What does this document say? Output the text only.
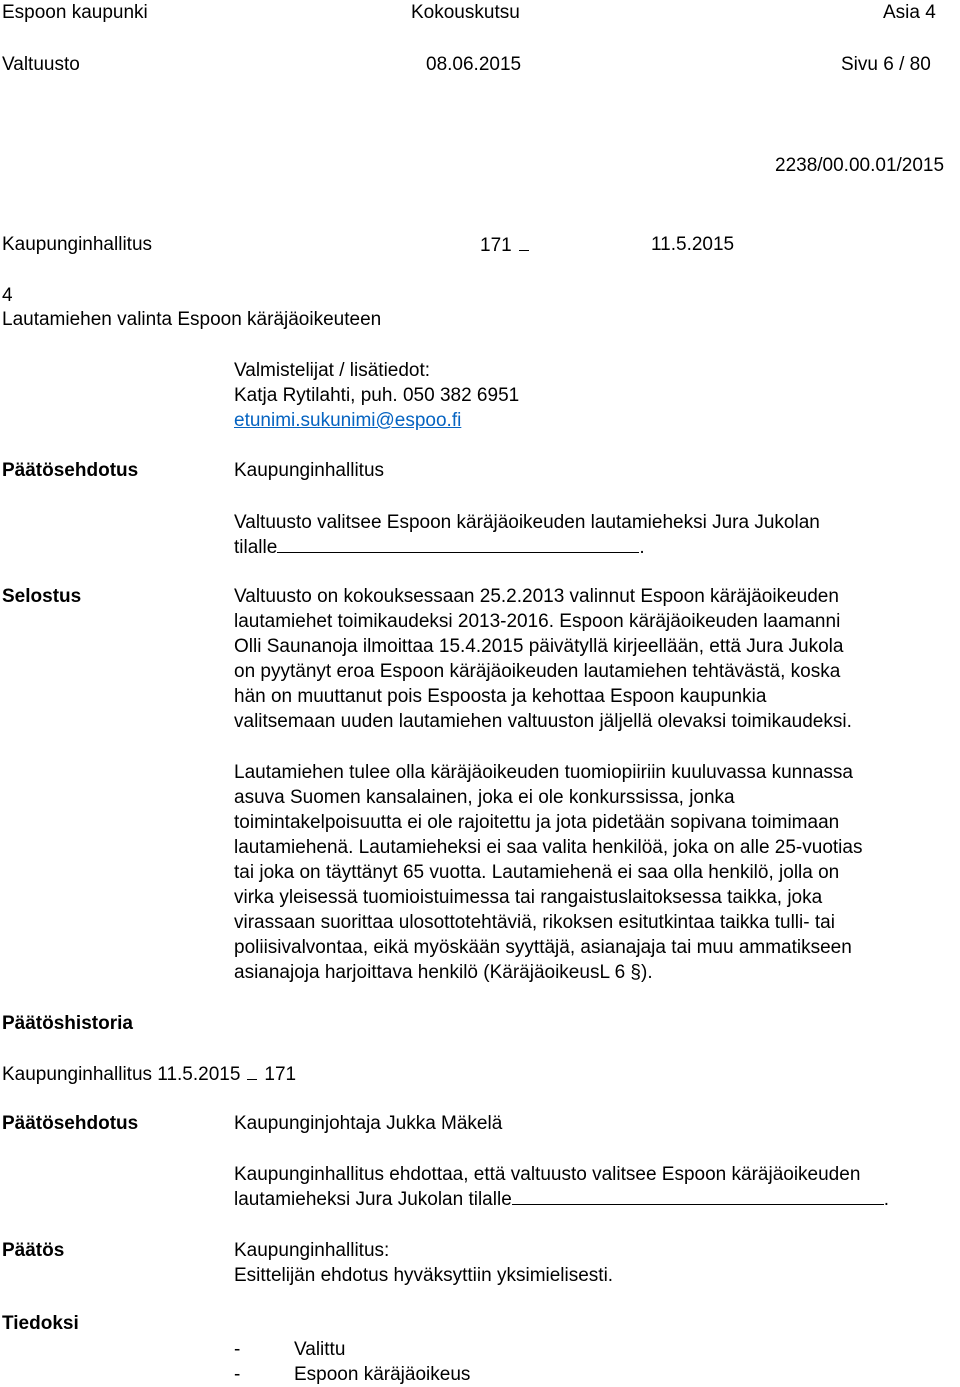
Espoon kaupunki	Kokouskutsu	Asia 4
Valtuusto	08.06.2015	Sivu 6 / 80
2238/00.00.01/2015
Kaupunginhallitus	171	11.5.2015
4
Lautamiehen valinta Espoon käräjäoikeuteen
Valmistelijat / lisätiedot:
Katja Rytilahti, puh. 050 382 6951
etunimi.sukunimi@espoo.fi
Päätösehdotus	Kaupunginhallitus
Valtuusto valitsee Espoon käräjäoikeuden lautamieheksi Jura Jukolan
tilalle	.
Selostus	Valtuusto on kokouksessaan 25.2.2013 valinnut Espoon käräjäoikeuden

lautamiehet toimikaudeksi 2013-2016. Espoon käräjäoikeuden laamanni

Olli Saunanoja ilmoittaa 15.4.2015 päivätyllä kirjeellään, että Jura Jukola

on pyytänyt eroa Espoon käräjäoikeuden lautamiehen tehtävästä, koska

hän on muuttanut pois Espoosta ja kehottaa Espoon kaupunkia

valitsemaan uuden lautamiehen valtuuston jäljellä olevaksi toimikaudeksi.

Lautamiehen tulee olla käräjäoikeuden tuomiopiiriin kuuluvassa kunnassa

asuva Suomen kansalainen, joka ei ole konkurssissa, jonka

toimintakelpoisuutta ei ole rajoitettu ja jota pidetään sopivana toimimaan

lautamiehenä. Lautamieheksi ei saa valita henkilöä, joka on alle 25-vuotias

tai joka on täyttänyt 65 vuotta. Lautamiehenä ei saa olla henkilö, jolla on

virka yleisessä tuomioistuimessa tai rangaistuslaitoksessa taikka, joka

virassaan suorittaa ulosottotehtäviä, rikoksen esitutkintaa taikka tulli- tai

poliisivalvontaa, eikä myöskään syyttäjä, asianajaja tai muu ammatikseen

asianajoja harjoittava henkilö (KäräjäoikeusL 6 §).

Päätöshistoria
Kaupunginhallitus 11.5.2015 171
Päätösehdotus	Kaupunginjohtaja Jukka Mäkelä
Kaupunginhallitus ehdottaa, että valtuusto valitsee Espoon käräjäoikeuden
lautamieheksi Jura Jukolan tilalle	.
Päätös	Kaupunginhallitus:
Esittelijän ehdotus hyväksyttiin yksimielisesti.
Tiedoksi
-	Valittu
-	Espoon käräjäoikeus
